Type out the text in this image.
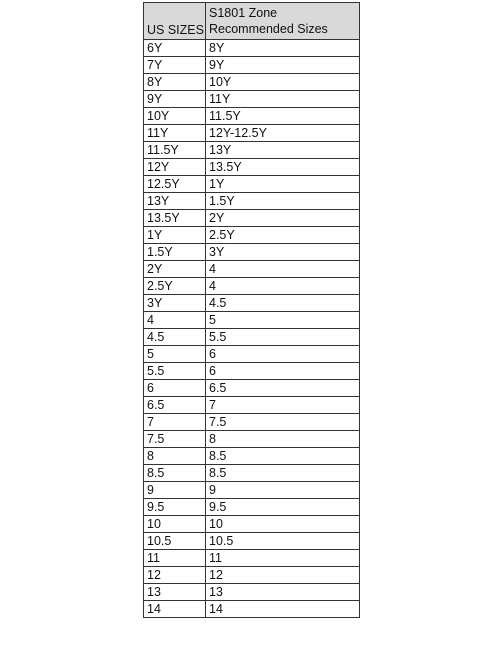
US SIZES	S1801 Zone
Recommended Sizes

6Y	8Y
7Y	9Y
8Y	10Y
9Y	11Y
10Y	11.5Y
11Y	12Y-12.5Y
11.5Y	13Y
12Y	13.5Y
12.5Y	1Y
13Y	1.5Y
13.5Y	2Y
1Y	2.5Y
1.5Y	3Y
2Y	4
2.5Y	4
3Y	4.5
4	5
4.5	5.5
5	6
5.5	6
6	6.5
6.5	7
7	7.5
7.5	8
8	8.5
8.5	8.5
9	9
9.5	9.5
10	10
10.5	10.5
11	11
12	12
13	13
14	14
